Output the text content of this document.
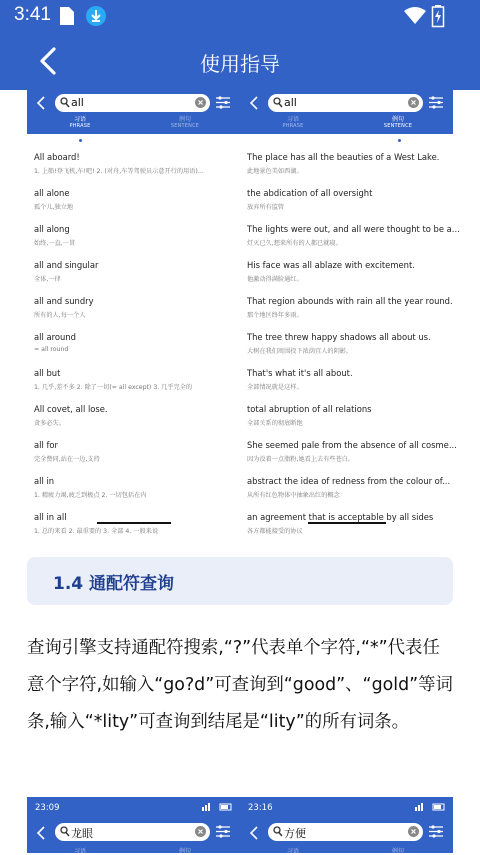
3:41
使用指导
all
习语
PHRASE
例句
SENTENCE
All aboard!
1. 上船!登飞机,车!吧! 2. (对舟,车等驾驶员示意开行的用语)...
all alone
孤个儿,独立地
all along
始终,一直,一贯
all and singular
全体,一律
all and sundry
所有的人,每一个人
all around
= all round
all but
1. 几乎,差不多 2. 除了一切(= all except) 3. 几乎完全的
All covet, all lose.
贪多必失。
all for
完全赞同,站在一边,支持
all in
1. 精疲力竭,疲乏到极点 2. 一切包括在内
all in all
1. 总的来看 2. 最重要的 3. 全部 4. 一般来说
all
习语
PHRASE
例句
SENTENCE
The place has all the beauties of a West Lake.
此地景色美如西湖。
the abdication of all oversight
放弃所有监管
The lights were out, and all were thought to be a...
灯灭已久,想来所有的人都已就寝。
His face was all ablaze with excitement.
他激动得满脸通红。
That region abounds with rain all the year round.
那个地区终年多雨。
The tree threw happy shadows all about us.
大树在我们周围投下浓荫宜人的阴影。
That's what it's all about.
全部情况就是这样。
total abruption of all relations
全部关系的彻底断绝
She seemed pale from the absence of all cosme...
因为没着一点脂粉,她看上去有些苍白。
abstract the idea of redness from the colour of...
从所有红色物体中抽象出红的概念
an agreement that is acceptable by all sides
各方都能接受的协议
1.4 通配符查询

查询引擎支持通配符搜索,“?”代表单个字符,“*”代表任意个字符,如输入“go?d”可查询到“good”、“gold”等词条,输入“*lity”可查询到结尾是“lity”的所有词条。

23:09
龙眼
习语	例句
23:16
方便
习语	例句
